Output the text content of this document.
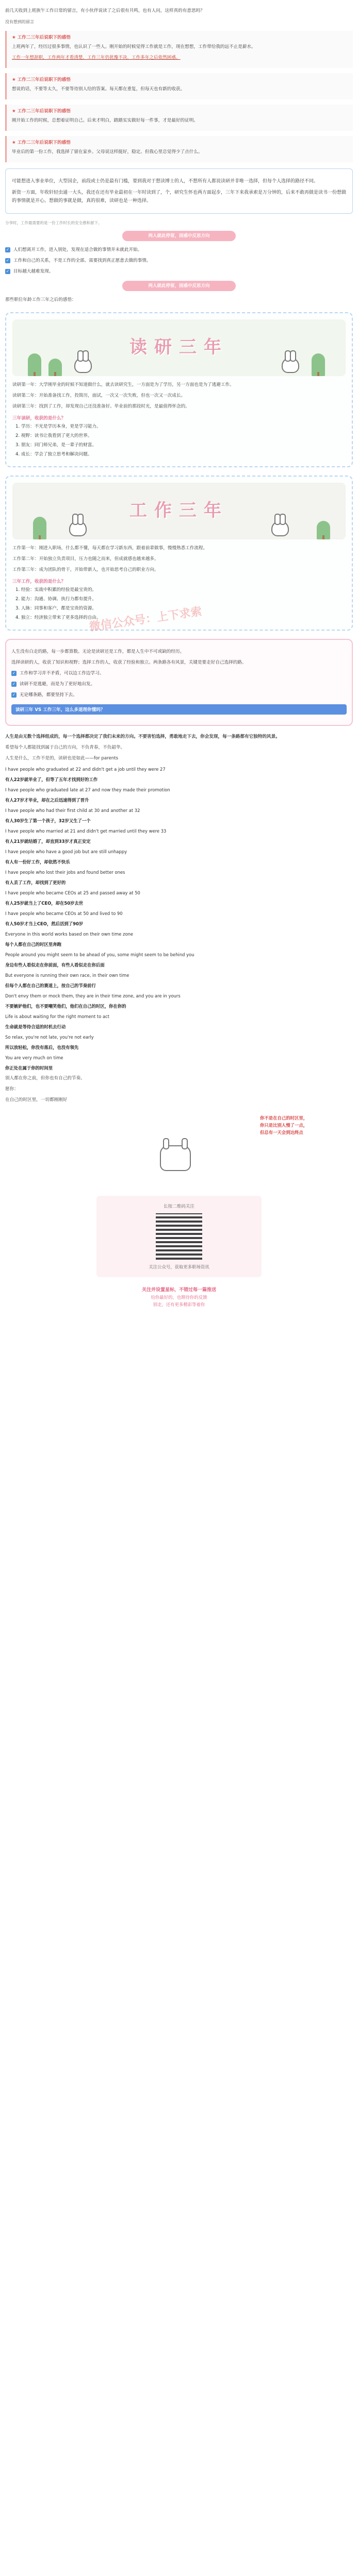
前几天收到上班族午工作日常的留言，有小伙伴说读了之后很有共鸣，也有人问，这样真的有意思吗？

没有想到的留言

★ 工作二三年后说职下的感悟

上班两年了，经历过很多事情，也认识了一些人。刚开始的时候觉得工作就是工作，现在想想，工作带给我的远不止是薪水。

工作一年想辞职，工作两年才看清楚，工作三年仍犹豫不决，工作多年之后依然困惑。

★ 工作二三年后说职下的感悟

想说的话，不要等太久，不要等待别人给的答案。每天都在重复，但每天也有新的收获。

★ 工作二三年后说职下的感悟

刚开始工作的时候，总想着证明自己。后来才明白，踏踏实实做好每一件事，才是最好的证明。

★ 工作二三年后说职下的感悟

毕业后的第一份工作，我选择了留在家乡。父母说这样挺好，稳定。但我心里总觉得少了点什么。

可能想进入事业单位，大型国企，前段或士仍是最有门槛，要到我对于想读博士的人，不想所有人都说读研并非唯一选择，但每个人选择的路径不同。

新资一方面，年收轩轻虫通一大头，我还在还有毕业最初在一年时读到了，个，研究生怀也两方面起步，三年下来我承索是万分钟的，后来不敢再做是读书一份想做的事情就是开心。想做的事就是做，真的很难，读研也是一种选择。

分享时，工作最需要的是一份工作时长的安全感和留下。

两人就此停留，困惑中反思方向
✓ 人们想离开工作，进入别处，发现在适合做的事情并未就此开始。
✓ 工作和自己的关系，不是工作的全部。需要找到真正愿意去做的事情。
✓ 目标越大越难发现。
两人就此停留，困惑中反思方向

那些职位年龄工作三年之后的感悟：

读研三年

读研第一年：大学刚毕业的时候不知道做什么，就去读研究生，一方面是为了学历，另一方面也是为了逃避工作。

读研第二年：开始准备找工作，投简历，面试，一次又一次失败，但也一次又一次成长。

读研第三年：找到了工作，却发现自己还没准备好。毕业前的那段时光，是最值得怀念的。

三年读研，收获的是什么？
1. 学历：不光是学历本身，更是学习能力。
2. 视野：读书让我看到了更大的世界。
3. 朋友：同门师兄弟，是一辈子的财富。
4. 成长：学会了独立思考和解决问题。
工作三年

工作第一年：刚进入职场，什么都不懂，每天都在学习新东西，跟着前辈做事，慢慢熟悉工作流程。

工作第二年：开始独立负责项目，压力也随之而来，但成就感也越来越多。

工作第三年：成为团队的骨干，开始带新人，也开始思考自己的职业方向。

三年工作，收获的是什么？
1. 经验：实战中积累的经验是最宝贵的。
2. 能力：沟通、协调、执行力都有提升。
3. 人脉：同事和客户，都是宝贵的资源。
4. 独立：经济独立带来了更多选择的自由。
微信公众号：上下求索

人生没有白走的路，每一步都算数。无论是读研还是工作，都是人生中不可或缺的经历。

选择读研的人，收获了知识和视野；选择工作的人，收获了经验和独立。两条路各有风景，关键是要走好自己选择的路。

✓ 工作和学习并不矛盾，可以边工作边学习。
✓ 读研不是逃避，而是为了更好地出发。
✓ 无论哪条路，都要坚持下去。
读研三年 VS 工作三年，这么多道理你懂吗？

人生是由无数个选择组成的，每一个选择都决定了我们未来的方向。不要害怕选择，勇敢地走下去，你会发现，每一条路都有它独特的风景。

希望每个人都能找到属于自己的方向，不负青春，不负韶华。

人生是什么，工作不是的，读研也是如此——for parents

I have people who graduated at 22 and didn't get a job until they were 27

有人22岁就毕业了，但等了五年才找到好的工作

I have people who graduated late at 27 and now they made their promotion

有人27岁才毕业，却在之后迅速得到了晋升

I have people who had their first child at 30 and another at 32

有人30岁生了第一个孩子，32岁又生了一个

I have people who married at 21 and didn't get married until they were 33

有人21岁就结婚了，却直到33岁才真正安定

I have people who have a good job but are still unhappy

有人有一份好工作，却依然不快乐

I have people who lost their jobs and found better ones

有人丢了工作，却找到了更好的

I have people who became CEOs at 25 and passed away at 50

有人25岁就当上了CEO，却在50岁去世

I have people who became CEOs at 50 and lived to 90

有人50岁才当上CEO，然后活到了90岁

Everyone in this world works based on their own time zone

每个人都在自己的时区里奔跑

People around you might seem to be ahead of you, some might seem to be behind you

身边有些人看似走在你前面，有些人看似走在你后面

But everyone is running their own race, in their own time

但每个人都在自己的赛道上，按自己的节奏前行

Don't envy them or mock them, they are in their time zone, and you are in yours

不要嫉妒他们，也不要嘲笑他们，他们在自己的时区，你在你的

Life is about waiting for the right moment to act

生命就是等待合适的时机去行动

So relax, you're not late, you're not early

所以放轻松，你没有落后，也没有领先

You are very much on time

你正处在属于你的时间里

别人都在你之前，但你也有自己的节奏。

愿你：

在自己的时区里，一切都刚刚好

你不是在自己的时区里，
你只是比别人慢了一点，
但总有一天会到达终点
长按二维码关注
关注公众号，获取更多职场资讯
关注并设置星标，不错过每一篇推送
给你最好的，也期待你的反馈
别走，还有更多精彩等着你
